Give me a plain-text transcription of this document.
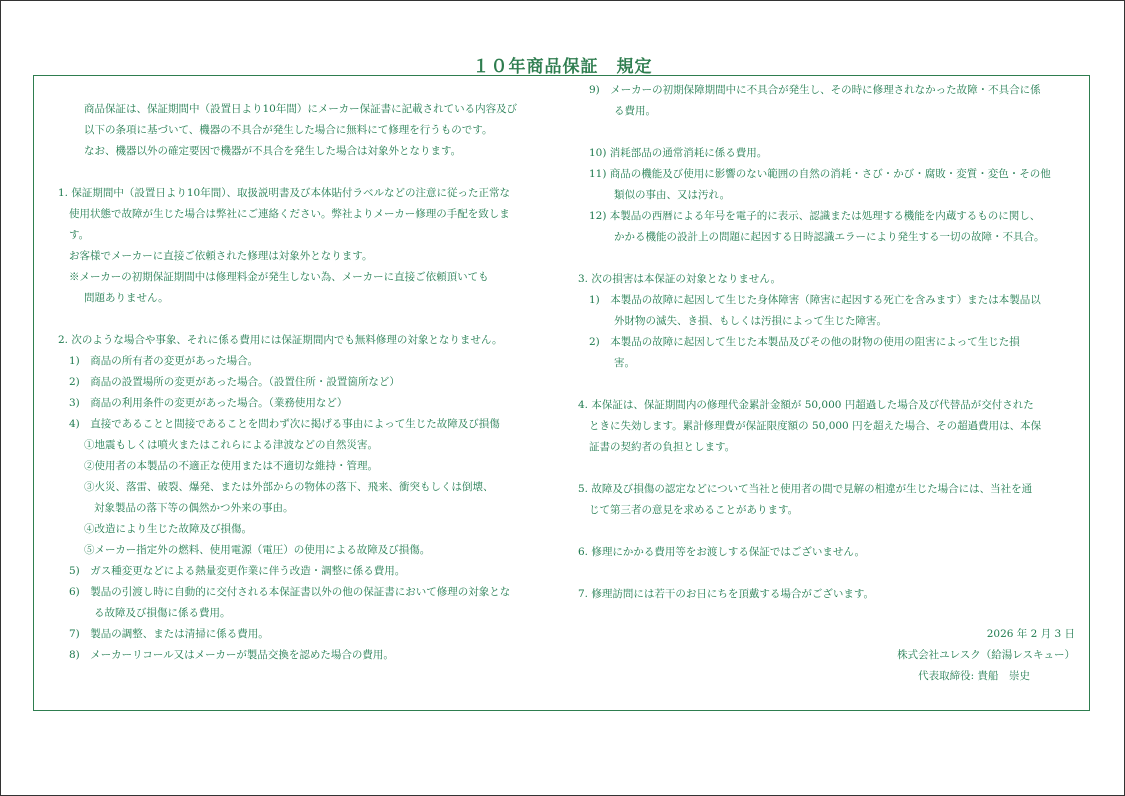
１０年商品保証　規定

商品保証は、保証期間中（設置日より10年間）にメーカー保証書に記載されている内容及び

以下の条項に基づいて、機器の不具合が発生した場合に無料にて修理を行うものです。

なお、機器以外の確定要因で機器が不具合を発生した場合は対象外となります。

1. 保証期間中（設置日より10年間）、取扱説明書及び本体貼付ラベルなどの注意に従った正常な

使用状態で故障が生じた場合は弊社にご連絡ください。弊社よりメーカー修理の手配を致しま

す。

お客様でメーカーに直接ご依頼された修理は対象外となります。

※メーカーの初期保証期間中は修理料金が発生しない為、メーカーに直接ご依頼頂いても

問題ありません。

2. 次のような場合や事象、それに係る費用には保証期間内でも無料修理の対象となりません。

1)　商品の所有者の変更があった場合。

2)　商品の設置場所の変更があった場合。（設置住所・設置箇所など）

3)　商品の利用条件の変更があった場合。（業務使用など）

4)　直接であることと間接であることを問わず次に掲げる事由によって生じた故障及び損傷

①地震もしくは噴火またはこれらによる津波などの自然災害。

②使用者の本製品の不適正な使用または不適切な維持・管理。

③火災、落雷、破裂、爆発、または外部からの物体の落下、飛来、衝突もしくは倒壊、

対象製品の落下等の偶然かつ外来の事由。

④改造により生じた故障及び損傷。

⑤メーカー指定外の燃料、使用電源（電圧）の使用による故障及び損傷。

5)　ガス種変更などによる熱量変更作業に伴う改造・調整に係る費用。

6)　製品の引渡し時に自動的に交付される本保証書以外の他の保証書において修理の対象とな

る故障及び損傷に係る費用。

7)　製品の調整、または清掃に係る費用。

8)　メーカーリコール又はメーカーが製品交換を認めた場合の費用。

9)　メーカーの初期保障期間中に不具合が発生し、その時に修理されなかった故障・不具合に係

る費用。

10) 消耗部品の通常消耗に係る費用。

11) 商品の機能及び使用に影響のない範囲の自然の消耗・さび・かび・腐敗・変質・変色・その他

類似の事由、又は汚れ。

12) 本製品の西暦による年号を電子的に表示、認識または処理する機能を内蔵するものに関し、

かかる機能の設計上の問題に起因する日時認識エラーにより発生する一切の故障・不具合。

3. 次の損害は本保証の対象となりません。

1)　本製品の故障に起因して生じた身体障害（障害に起因する死亡を含みます）または本製品以

外財物の滅失、き損、もしくは汚損によって生じた障害。

2)　本製品の故障に起因して生じた本製品及びその他の財物の使用の阻害によって生じた損

害。

4. 本保証は、保証期間内の修理代金累計金額が 50,000 円超過した場合及び代替品が交付された

ときに失効します。累計修理費が保証限度額の 50,000 円を超えた場合、その超過費用は、本保

証書の契約者の負担とします。

5. 故障及び損傷の認定などについて当社と使用者の間で見解の相違が生じた場合には、当社を通

じて第三者の意見を求めることがあります。

6. 修理にかかる費用等をお渡しする保証ではございません。

7. 修理訪問には若干のお日にちを頂戴する場合がございます。

2026 年 2 月 3 日

株式会社ユレスク（給湯レスキュー）

代表取締役: 貴船　崇史
